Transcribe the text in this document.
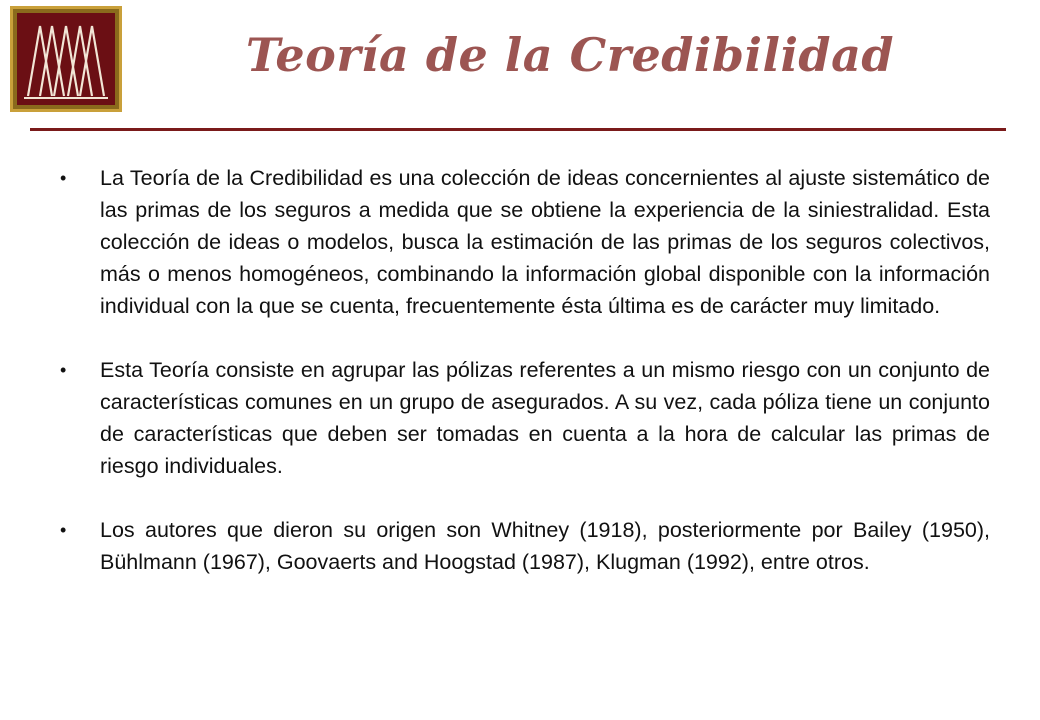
Teoría de la Credibilidad
• La Teoría de la Credibilidad es una colección de ideas concernientes al ajuste sistemático de las primas de los seguros a medida que se obtiene la experiencia de la siniestralidad. Esta colección de ideas o modelos, busca la estimación de las primas de los seguros colectivos, más o menos homogéneos, combinando la información global disponible con la información individual con la que se cuenta, frecuentemente ésta última es de carácter muy limitado.
• Esta Teoría consiste en agrupar las pólizas referentes a un mismo riesgo con un conjunto de características comunes en un grupo de asegurados. A su vez, cada póliza tiene un conjunto de características que deben ser tomadas en cuenta a la hora de calcular las primas de riesgo individuales.
• Los autores que dieron su origen son Whitney (1918), posteriormente por Bailey (1950), Bühlmann (1967), Goovaerts and Hoogstad (1987), Klugman (1992), entre otros.
